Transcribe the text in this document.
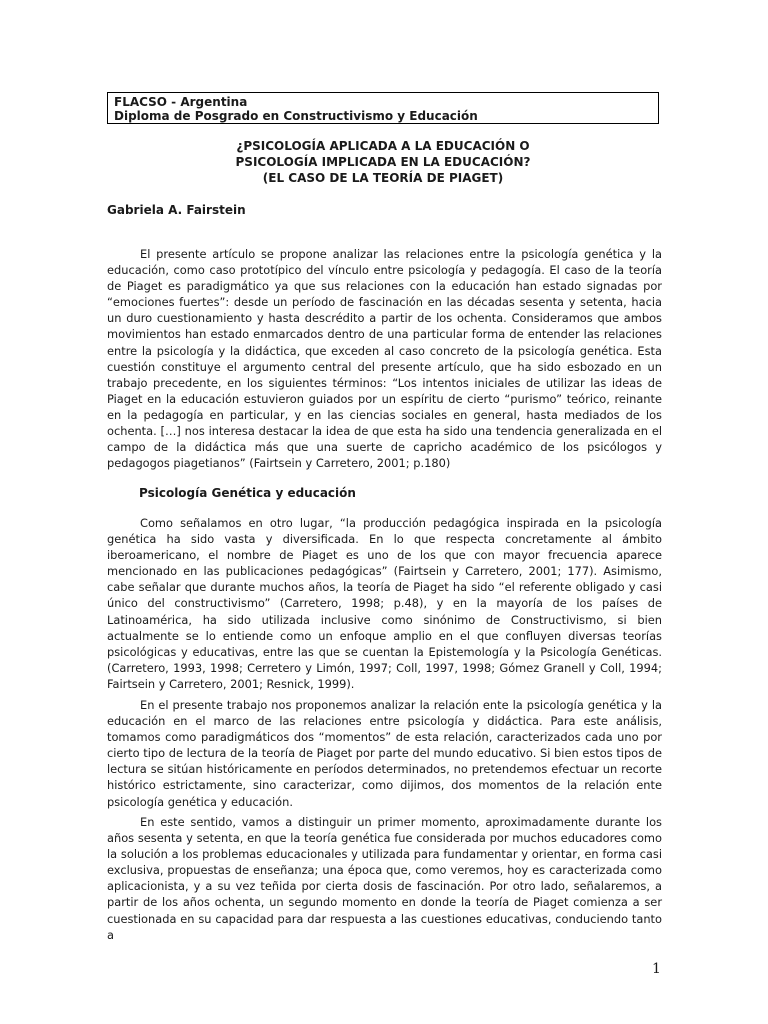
FLACSO - Argentina
Diploma de Posgrado en Constructivismo y Educación
¿PSICOLOGÍA APLICADA A LA EDUCACIÓN O
PSICOLOGÍA IMPLICADA EN LA EDUCACIÓN?
(EL CASO DE LA TEORÍA DE PIAGET)
Gabriela A. Fairstein

El presente artículo se propone analizar las relaciones entre la psicología genética y la educación, como caso prototípico del vínculo entre psicología y pedagogía. El caso de la teoría de Piaget es paradigmático ya que sus relaciones con la educación han estado signadas por “emociones fuertes”: desde un período de fascinación en las décadas sesenta y setenta, hacia un duro cuestionamiento y hasta descrédito a partir de los ochenta. Consideramos que ambos movimientos han estado enmarcados dentro de una particular forma de entender las relaciones entre la psicología y la didáctica, que exceden al caso concreto de la psicología genética. Esta cuestión constituye el argumento central del presente artículo, que ha sido esbozado en un trabajo precedente, en los siguientes términos: “Los intentos iniciales de utilizar las ideas de Piaget en la educación estuvieron guiados por un espíritu de cierto “purismo” teórico, reinante en la pedagogía en particular, y en las ciencias sociales en general, hasta mediados de los ochenta. […] nos interesa destacar la idea de que esta ha sido una tendencia generalizada en el campo de la didáctica más que una suerte de capricho académico de los psicólogos y pedagogos piagetianos” (Fairtsein y Carretero, 2001; p.180)

Psicología Genética y educación

Como señalamos en otro lugar, “la producción pedagógica inspirada en la psicología genética ha sido vasta y diversificada. En lo que respecta concretamente al ámbito iberoamericano, el nombre de Piaget es uno de los que con mayor frecuencia aparece mencionado en las publicaciones pedagógicas” (Fairtsein y Carretero, 2001; 177). Asimismo, cabe señalar que durante muchos años, la teoría de Piaget ha sido “el referente obligado y casi único del constructivismo” (Carretero, 1998; p.48), y en la mayoría de los países de Latinoamérica, ha sido utilizada inclusive como sinónimo de Constructivismo, si bien actualmente se lo entiende como un enfoque amplio en el que confluyen diversas teorías psicológicas y educativas, entre las que se cuentan la Epistemología y la Psicología Genéticas. (Carretero, 1993, 1998; Cerretero y Limón, 1997; Coll, 1997, 1998; Gómez Granell y Coll, 1994; Fairtsein y Carretero, 2001; Resnick, 1999).

En el presente trabajo nos proponemos analizar la relación ente la psicología genética y la educación en el marco de las relaciones entre psicología y didáctica. Para este análisis, tomamos como paradigmáticos dos “momentos” de esta relación, caracterizados cada uno por cierto tipo de lectura de la teoría de Piaget por parte del mundo educativo. Si bien estos tipos de lectura se sitúan históricamente en períodos determinados, no pretendemos efectuar un recorte histórico estrictamente, sino caracterizar, como dijimos, dos momentos de la relación ente psicología genética y educación.

En este sentido, vamos a distinguir un primer momento, aproximadamente durante los años sesenta y setenta, en que la teoría genética fue considerada por muchos educadores como la solución a los problemas educacionales y utilizada para fundamentar y orientar, en forma casi exclusiva, propuestas de enseñanza; una época que, como veremos, hoy es caracterizada como aplicacionista, y a su vez teñida por cierta dosis de fascinación. Por otro lado, señalaremos, a partir de los años ochenta, un segundo momento en donde la teoría de Piaget comienza a ser cuestionada en su capacidad para dar respuesta a las cuestiones educativas, conduciendo tanto a

1
